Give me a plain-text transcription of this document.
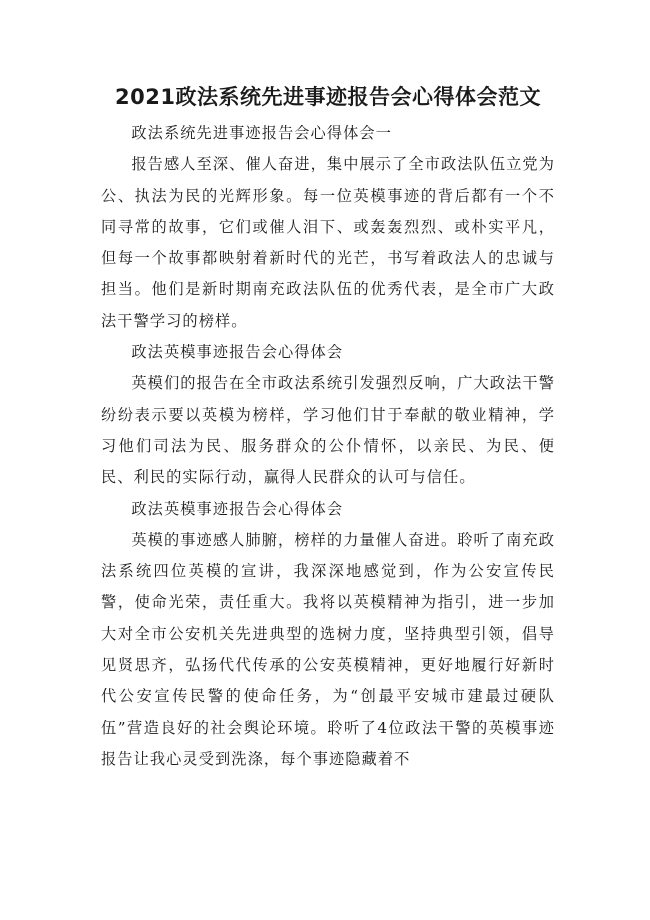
2021政法系统先进事迹报告会心得体会范文

政法系统先进事迹报告会心得体会一

报告感人至深、催人奋进，集中展示了全市政法队伍立党为公、执法为民的光辉形象。每一位英模事迹的背后都有一个不同寻常的故事，它们或催人泪下、或轰轰烈烈、或朴实平凡，但每一个故事都映射着新时代的光芒，书写着政法人的忠诚与担当。他们是新时期南充政法队伍的优秀代表，是全市广大政法干警学习的榜样。

政法英模事迹报告会心得体会

英模们的报告在全市政法系统引发强烈反响，广大政法干警纷纷表示要以英模为榜样，学习他们甘于奉献的敬业精神，学习他们司法为民、服务群众的公仆情怀，以亲民、为民、便民、利民的实际行动，赢得人民群众的认可与信任。

政法英模事迹报告会心得体会

英模的事迹感人肺腑，榜样的力量催人奋进。聆听了南充政法系统四位英模的宣讲，我深深地感觉到，作为公安宣传民警，使命光荣，责任重大。我将以英模精神为指引，进一步加大对全市公安机关先进典型的选树力度，坚持典型引领，倡导见贤思齐，弘扬代代传承的公安英模精神，更好地履行好新时代公安宣传民警的使命任务，为“创最平安城市建最过硬队伍”营造良好的社会舆论环境。聆听了4位政法干警的英模事迹报告让我心灵受到洗涤，每个事迹隐藏着不
